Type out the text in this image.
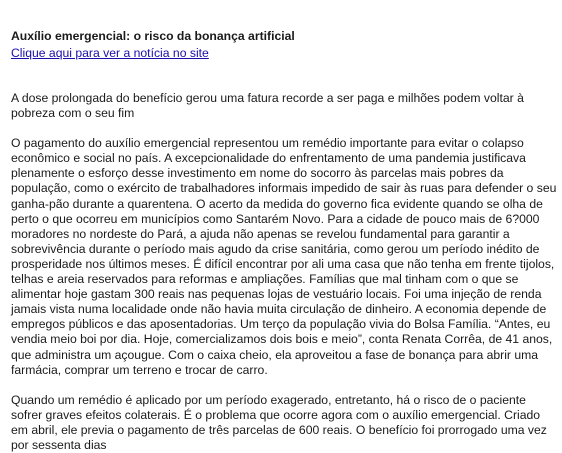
Auxílio emergencial: o risco da bonança artificial
Clique aqui para ver a notícia no site

A dose prolongada do benefício gerou uma fatura recorde a ser paga e milhões podem voltar à pobreza com o seu fim

O pagamento do auxílio emergencial representou um remédio importante para evitar o colapso econômico e social no país. A excepcionalidade do enfrentamento de uma pandemia justificava plenamente o esforço desse investimento em nome do socorro às parcelas mais pobres da população, como o exército de trabalhadores informais impedido de sair às ruas para defender o seu ganha-pão durante a quarentena. O acerto da medida do governo fica evidente quando se olha de perto o que ocorreu em municípios como Santarém Novo. Para a cidade de pouco mais de 6?000 moradores no nordeste do Pará, a ajuda não apenas se revelou fundamental para garantir a sobrevivência durante o período mais agudo da crise sanitária, como gerou um período inédito de prosperidade nos últimos meses. É difícil encontrar por ali uma casa que não tenha em frente tijolos, telhas e areia reservados para reformas e ampliações. Famílias que mal tinham com o que se alimentar hoje gastam 300 reais nas pequenas lojas de vestuário locais. Foi uma injeção de renda jamais vista numa localidade onde não havia muita circulação de dinheiro. A economia depende de empregos públicos e das aposentadorias. Um terço da população vivia do Bolsa Família. “Antes, eu vendia meio boi por dia. Hoje, comercializamos dois bois e meio”, conta Renata Corrêa, de 41 anos, que administra um açougue. Com o caixa cheio, ela aproveitou a fase de bonança para abrir uma farmácia, comprar um terreno e trocar de carro.

Quando um remédio é aplicado por um período exagerado, entretanto, há o risco de o paciente sofrer graves efeitos colaterais. É o problema que ocorre agora com o auxílio emergencial. Criado em abril, ele previa o pagamento de três parcelas de 600 reais. O benefício foi prorrogado uma vez por sessenta dias
